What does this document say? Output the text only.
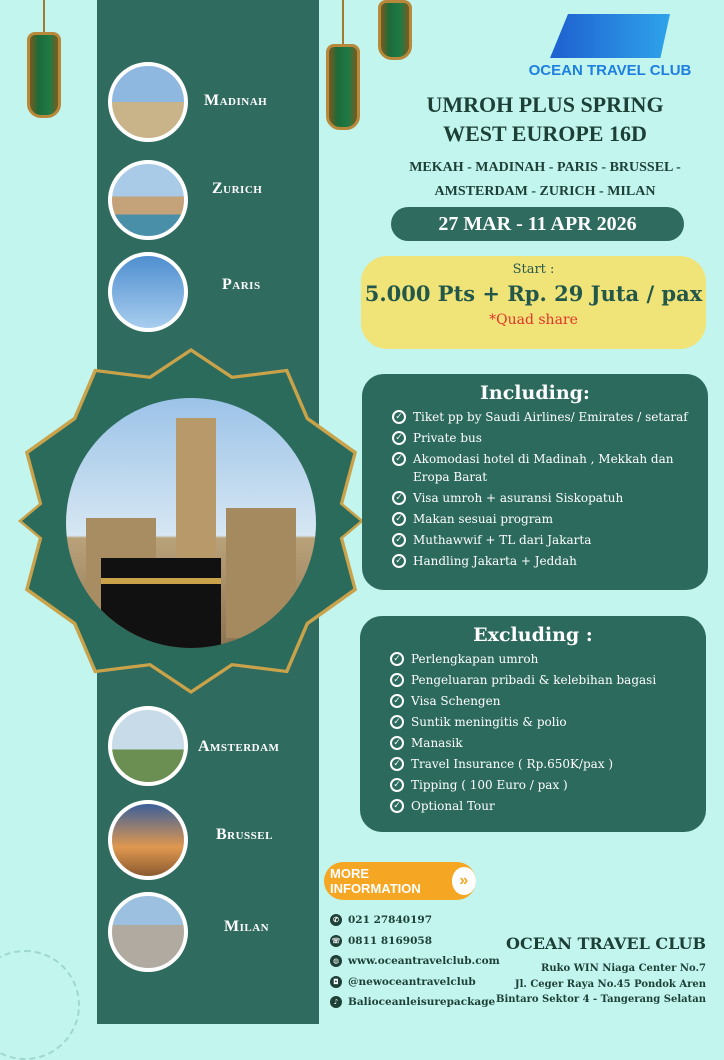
Madinah
Zurich
Paris
Amsterdam
Brussel
Milan
OCEAN TRAVEL CLUB
UMROH PLUS SPRING
WEST EUROPE 16D
MEKAH - MADINAH - PARIS - BRUSSEL -
AMSTERDAM - ZURICH - MILAN
27 MAR - 11 APR 2026
Start :
5.000 Pts + Rp. 29 Juta / pax
*Quad share
Including:
✓ Tiket pp by Saudi Airlines/ Emirates / setaraf
✓ Private bus
✓ Akomodasi hotel di Madinah , Mekkah dan Eropa Barat
✓ Visa umroh + asuransi Siskopatuh
✓ Makan sesuai program
✓ Muthawwif + TL dari Jakarta
✓ Handling Jakarta + Jeddah
Excluding :
✓ Perlengkapan umroh
✓ Pengeluaran pribadi & kelebihan bagasi
✓ Visa Schengen
✓ Suntik meningitis & polio
✓ Manasik
✓ Travel Insurance ( Rp.650K/pax )
✓ Tipping ( 100 Euro / pax )
✓ Optional Tour
MORE INFORMATION	»
✆ 021 27840197
☏ 0811 8169058
◍ www.oceantravelclub.com
◘ @newoceantravelclub
♪ Balioceanleisurepackage
OCEAN TRAVEL CLUB
Ruko WIN Niaga Center No.7
Jl. Ceger Raya No.45 Pondok Aren
Bintaro Sektor 4 - Tangerang Selatan
